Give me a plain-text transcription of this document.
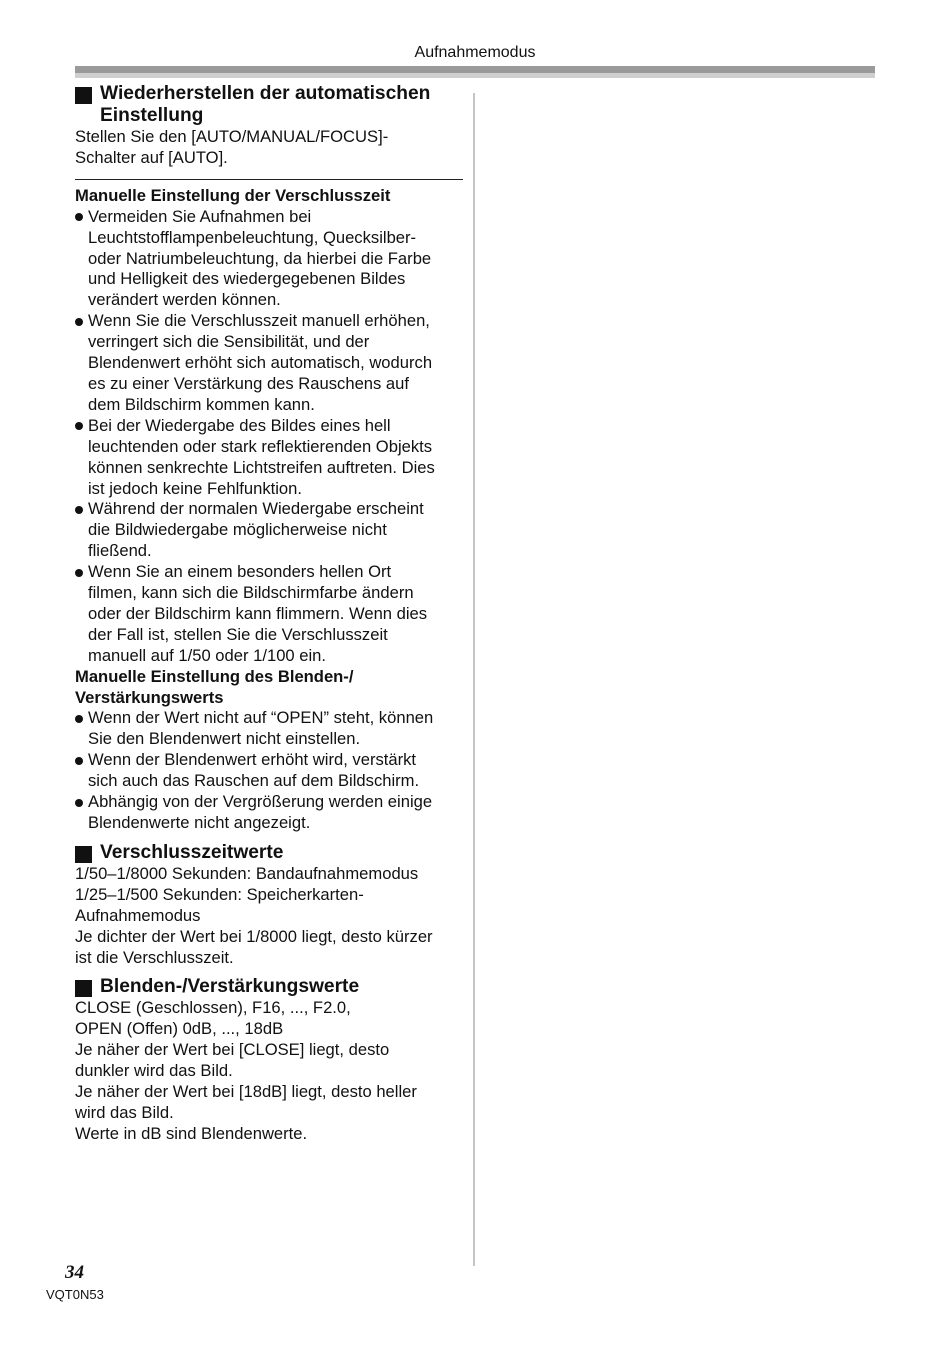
Aufnahmemodus
Wiederherstellen der automatischen
Einstellung

Stellen Sie den [AUTO/MANUAL/FOCUS]-
Schalter auf [AUTO].

Manuelle Einstellung der Verschlusszeit

Vermeiden Sie Aufnahmen bei
Leuchtstofflampenbeleuchtung, Quecksilber-
oder Natriumbeleuchtung, da hierbei die Farbe
und Helligkeit des wiedergegebenen Bildes
verändert werden können.
Wenn Sie die Verschlusszeit manuell erhöhen,
verringert sich die Sensibilität, und der
Blendenwert erhöht sich automatisch, wodurch
es zu einer Verstärkung des Rauschens auf
dem Bildschirm kommen kann.
Bei der Wiedergabe des Bildes eines hell
leuchtenden oder stark reflektierenden Objekts
können senkrechte Lichtstreifen auftreten. Dies
ist jedoch keine Fehlfunktion.
Während der normalen Wiedergabe erscheint
die Bildwiedergabe möglicherweise nicht
fließend.
Wenn Sie an einem besonders hellen Ort
filmen, kann sich die Bildschirmfarbe ändern
oder der Bildschirm kann flimmern. Wenn dies
der Fall ist, stellen Sie die Verschlusszeit
manuell auf 1/50 oder 1/100 ein.

Manuelle Einstellung des Blenden-/
Verstärkungswerts

Wenn der Wert nicht auf “OPEN” steht, können
Sie den Blendenwert nicht einstellen.
Wenn der Blendenwert erhöht wird, verstärkt
sich auch das Rauschen auf dem Bildschirm.
Abhängig von der Vergrößerung werden einige
Blendenwerte nicht angezeigt.
Verschlusszeitwerte

1/50–1/8000 Sekunden: Bandaufnahmemodus
1/25–1/500 Sekunden: Speicherkarten-
Aufnahmemodus
Je dichter der Wert bei 1/8000 liegt, desto kürzer
ist die Verschlusszeit.

Blenden-/Verstärkungswerte

CLOSE (Geschlossen), F16, ..., F2.0,
OPEN (Offen) 0dB, ..., 18dB
Je näher der Wert bei [CLOSE] liegt, desto
dunkler wird das Bild.
Je näher der Wert bei [18dB] liegt, desto heller
wird das Bild.
Werte in dB sind Blendenwerte.

34
VQT0N53
